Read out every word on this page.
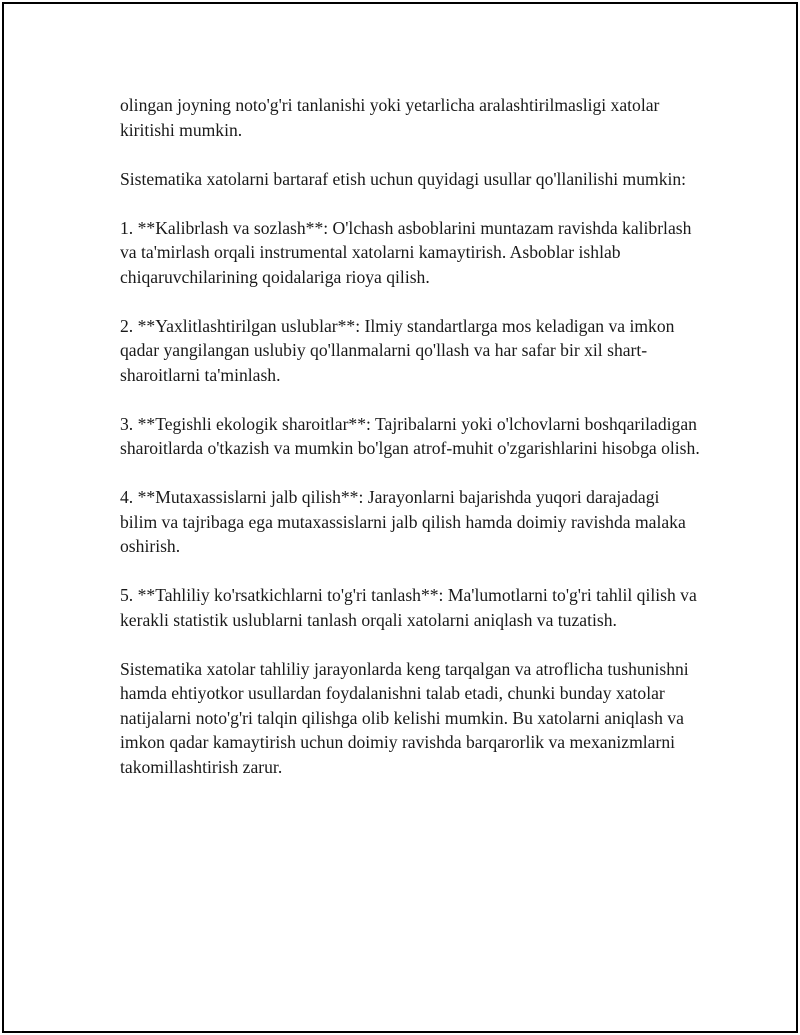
olingan joyning noto'g'ri tanlanishi yoki yetarlicha aralashtirilmasligi xatolar kiritishi mumkin.

Sistematika xatolarni bartaraf etish uchun quyidagi usullar qo'llanilishi mumkin:

1. **Kalibrlash va sozlash**: O'lchash asboblarini muntazam ravishda kalibrlash va ta'mirlash orqali instrumental xatolarni kamaytirish. Asboblar ishlab chiqaruvchilarining qoidalariga rioya qilish.

2. **Yaxlitlashtirilgan uslublar**: Ilmiy standartlarga mos keladigan va imkon qadar yangilangan uslubiy qo'llanmalarni qo'llash va har safar bir xil shart-sharoitlarni ta'minlash.

3. **Tegishli ekologik sharoitlar**: Tajribalarni yoki o'lchovlarni boshqariladigan sharoitlarda o'tkazish va mumkin bo'lgan atrof-muhit o'zgarishlarini hisobga olish.

4. **Mutaxassislarni jalb qilish**: Jarayonlarni bajarishda yuqori darajadagi bilim va tajribaga ega mutaxassislarni jalb qilish hamda doimiy ravishda malaka oshirish.

5. **Tahliliy ko'rsatkichlarni to'g'ri tanlash**: Ma'lumotlarni to'g'ri tahlil qilish va kerakli statistik uslublarni tanlash orqali xatolarni aniqlash va tuzatish.

Sistematika xatolar tahliliy jarayonlarda keng tarqalgan va atroflicha tushunishni hamda ehtiyotkor usullardan foydalanishni talab etadi, chunki bunday xatolar natijalarni noto'g'ri talqin qilishga olib kelishi mumkin. Bu xatolarni aniqlash va imkon qadar kamaytirish uchun doimiy ravishda barqarorlik va mexanizmlarni takomillashtirish zarur.
